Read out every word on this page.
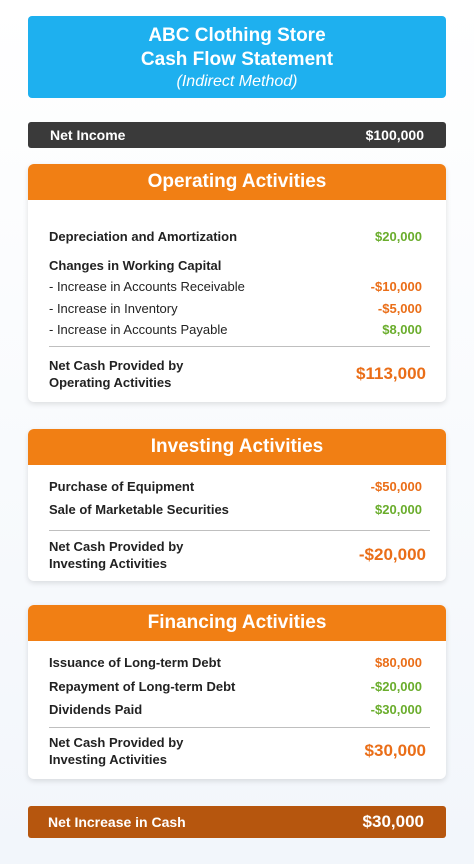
ABC Clothing Store
Cash Flow Statement
(Indirect Method)
Net Income	$100,000
Operating Activities
Depreciation and Amortization	$20,000
Changes in Working Capital
- Increase in Accounts Receivable	-$10,000
- Increase in Inventory	-$5,000
- Increase in Accounts Payable	$8,000
Net Cash Provided by
Operating Activities	$113,000
Investing Activities
Purchase of Equipment	-$50,000
Sale of Marketable Securities	$20,000
Net Cash Provided by
Investing Activities	-$20,000
Financing Activities
Issuance of Long-term Debt	$80,000
Repayment of Long-term Debt	-$20,000
Dividends Paid	-$30,000
Net Cash Provided by
Investing Activities	$30,000
Net Increase in Cash	$30,000
